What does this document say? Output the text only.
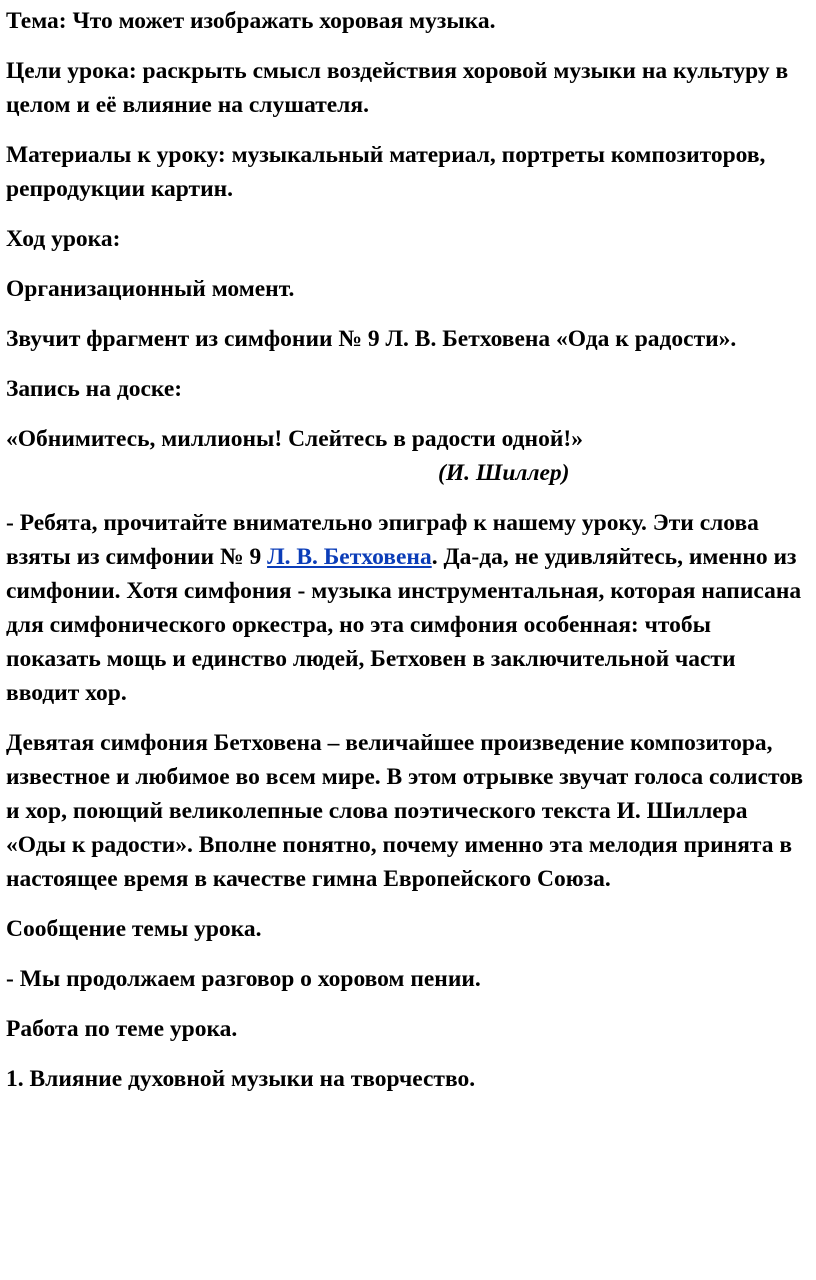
Тема: Что может изображать хоровая музыка.

Цели урока: раскрыть смысл воздействия хоровой музыки на культуру в целом и её влияние на слушателя.

Материалы к уроку: музыкальный материал, портреты композиторов, репродукции картин.

Ход урока:

Организационный момент.

Звучит фрагмент из симфонии № 9 Л. В. Бетховена «Ода к радости».

Запись на доске:

«Обнимитесь, миллионы! Слейтесь в радости одной!»

(И. Шиллер)

- Ребята, прочитайте внимательно эпиграф к нашему уроку. Эти слова взяты из симфонии № 9 Л. В. Бетховена. Да-да, не удивляйтесь, именно из симфонии. Хотя симфония - музыка инструментальная, которая написана для симфонического оркестра, но эта симфония особенная: чтобы показать мощь и единство людей, Бетховен в заключительной части вводит хор.

Девятая симфония Бетховена – величайшее произведение композитора, известное и любимое во всем мире. В этом отрывке звучат голоса солистов и хор, поющий великолепные слова поэтического текста И. Шиллера «Оды к радости». Вполне понятно, почему именно эта мелодия принята в настоящее время в качестве гимна Европейского Союза.

Сообщение темы урока.

- Мы продолжаем разговор о хоровом пении.

Работа по теме урока.

1. Влияние духовной музыки на творчество.
